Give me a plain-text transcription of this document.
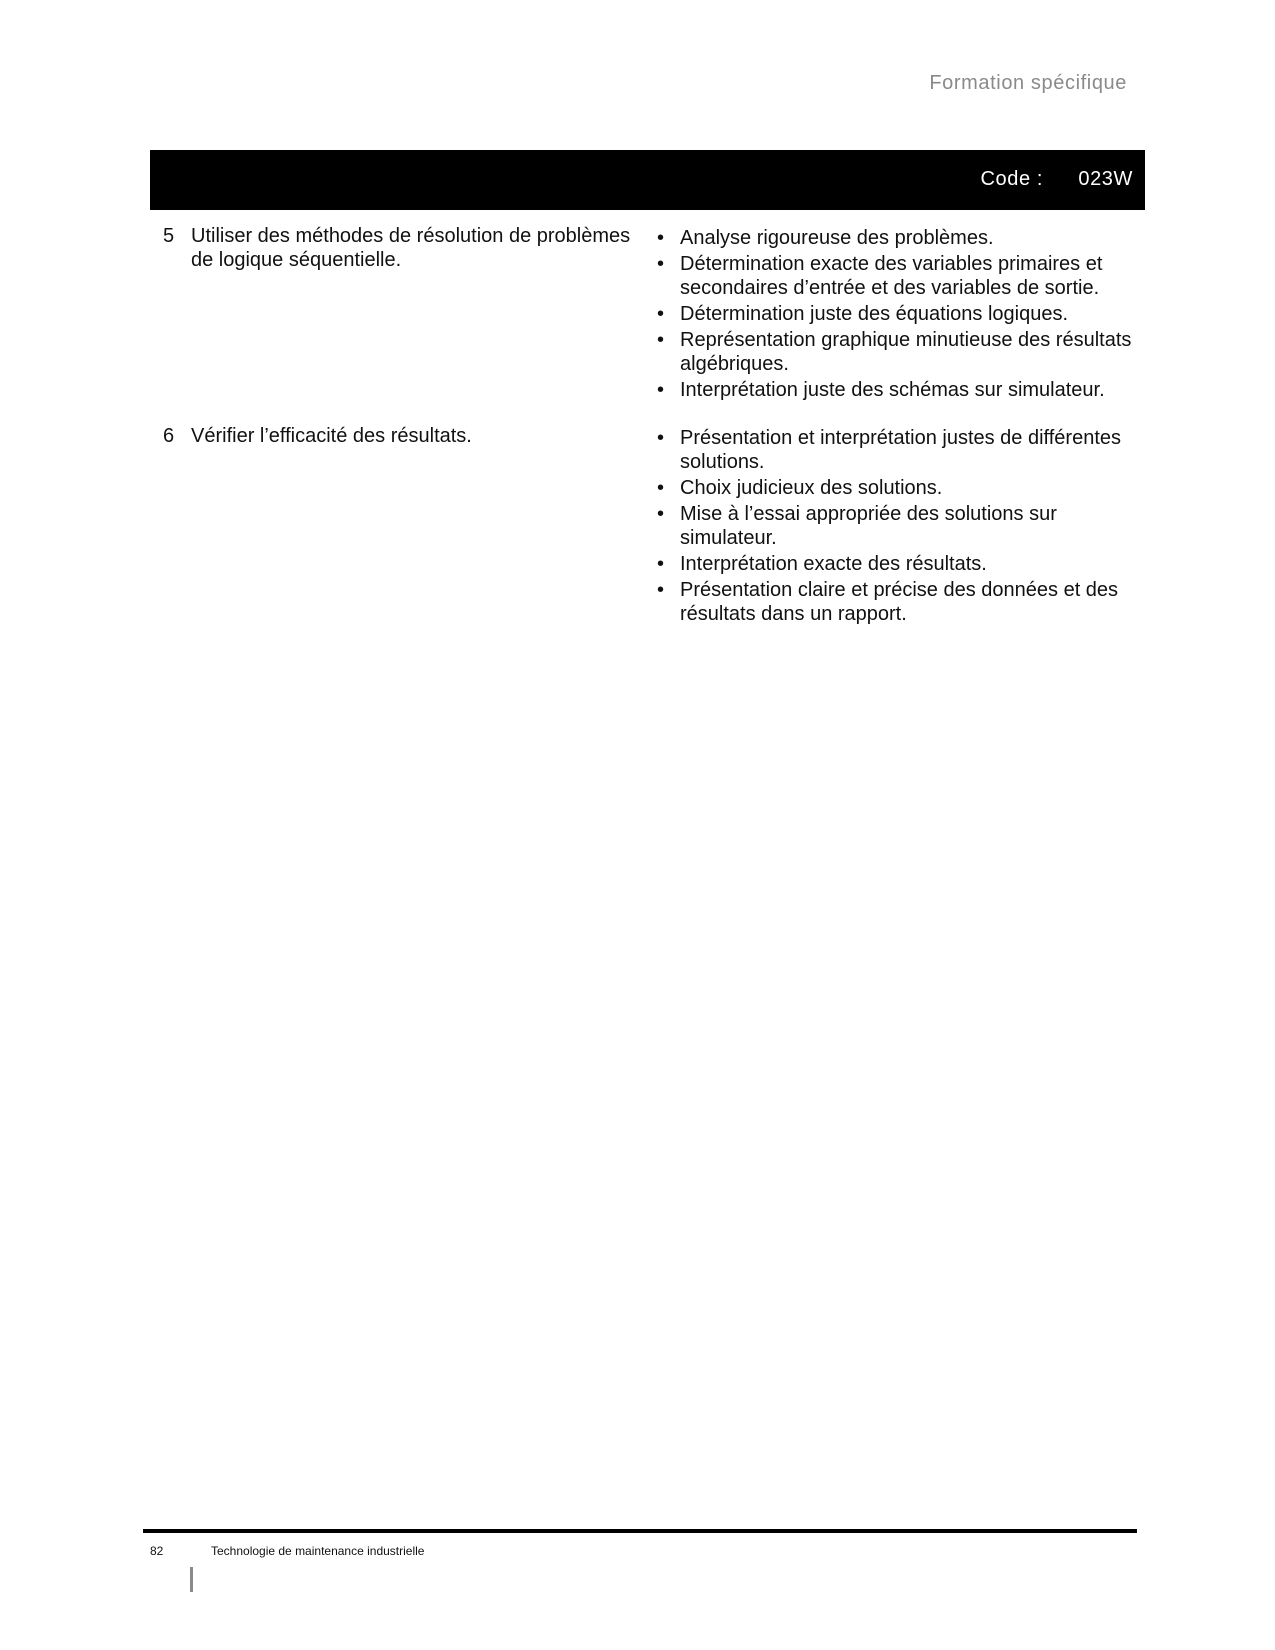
Formation spécifique
Code : 023W
5 Utiliser des méthodes de résolution de problèmes de logique séquentielle.
• Analyse rigoureuse des problèmes.
• Détermination exacte des variables primaires et secondaires d’entrée et des variables de sortie.
• Détermination juste des équations logiques.
• Représentation graphique minutieuse des résultats algébriques.
• Interprétation juste des schémas sur simulateur.
6 Vérifier l’efficacité des résultats.
•	Présentation et interprétation justes de différentes solutions.
• Choix judicieux des solutions.
• Mise à l’essai appropriée des solutions sur simulateur.
• Interprétation exacte des résultats.
• Présentation claire et précise des données et des résultats dans un rapport.
82	Technologie de maintenance industrielle
